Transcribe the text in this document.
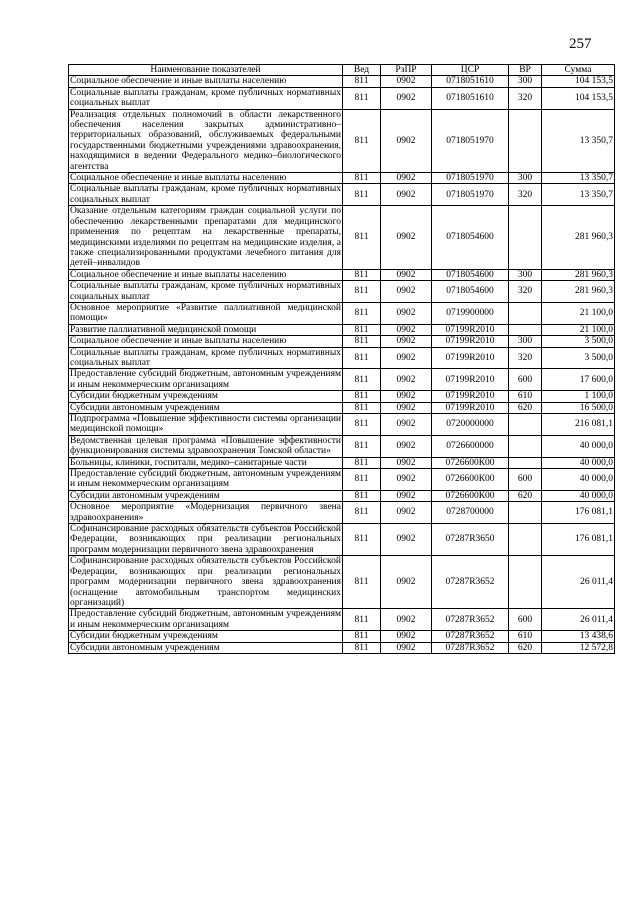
257
Наименование показателей	Вед	РзПР	ЦСР	ВР	Сумма
Социальное обеспечение и иные выплаты населению	811	0902	0718051610	300	104 153,5
Социальные выплаты гражданам, кроме публичных нормативных социальных выплат	811	0902	0718051610	320	104 153,5
Реализация отдельных полномочий в области лекарственного обеспечения населения закрытых административно–территориальных образований, обслуживаемых федеральными государственными бюджетными учреждениями здравоохранения, находящимися в ведении Федерального медико–биологического агентства	811	0902	0718051970		13 350,7
Социальное обеспечение и иные выплаты населению	811	0902	0718051970	300	13 350,7
Социальные выплаты гражданам, кроме публичных нормативных социальных выплат	811	0902	0718051970	320	13 350,7
Оказание отдельным категориям граждан социальной услуги по обеспечению лекарственными препаратами для медицинского применения по рецептам на лекарственные препараты, медицинскими изделиями по рецептам на медицинские изделия, а также специализированными продуктами лечебного питания для детей–инвалидов	811	0902	0718054600		281 960,3
Социальное обеспечение и иные выплаты населению	811	0902	0718054600	300	281 960,3
Социальные выплаты гражданам, кроме публичных нормативных социальных выплат	811	0902	0718054600	320	281 960,3
Основное мероприятие «Развитие паллиативной медицинской помощи»	811	0902	0719900000		21 100,0
Развитие паллиативной медицинской помощи	811	0902	07199R2010		21 100,0
Социальное обеспечение и иные выплаты населению	811	0902	07199R2010	300	3 500,0
Социальные выплаты гражданам, кроме публичных нормативных социальных выплат	811	0902	07199R2010	320	3 500,0
Предоставление субсидий бюджетным, автономным учреждениям и иным некоммерческим организациям	811	0902	07199R2010	600	17 600,0
Субсидии бюджетным учреждениям	811	0902	07199R2010	610	1 100,0
Субсидии автономным учреждениям	811	0902	07199R2010	620	16 500,0
Подпрограмма «Повышение эффективности системы организации медицинской помощи»	811	0902	0720000000		216 081,1
Ведомственная целевая программа «Повышение эффективности функционирования системы здравоохранения Томской области»	811	0902	0726600000		40 000,0
Больницы, клиники, госпитали, медико–санитарные части	811	0902	0726600К00		40 000,0
Предоставление субсидий бюджетным, автономным учреждениям и иным некоммерческим организациям	811	0902	0726600К00	600	40 000,0
Субсидии автономным учреждениям	811	0902	0726600К00	620	40 000,0
Основное мероприятие «Модернизация первичного звена здравоохранения»	811	0902	0728700000		176 081,1
Софинансирование расходных обязательств субъектов Российской Федерации, возникающих при реализации региональных программ модернизации первичного звена здравоохранения	811	0902	07287R3650		176 081,1
Софинансирование расходных обязательств субъектов Российской Федерации, возникающих при реализации региональных программ модернизации первичного звена здравоохранения (оснащение автомобильным транспортом медицинских организаций)	811	0902	07287R3652		26 011,4
Предоставление субсидий бюджетным, автономным учреждениям и иным некоммерческим организациям	811	0902	07287R3652	600	26 011,4
Субсидии бюджетным учреждениям	811	0902	07287R3652	610	13 438,6
Субсидии автономным учреждениям	811	0902	07287R3652	620	12 572,8
